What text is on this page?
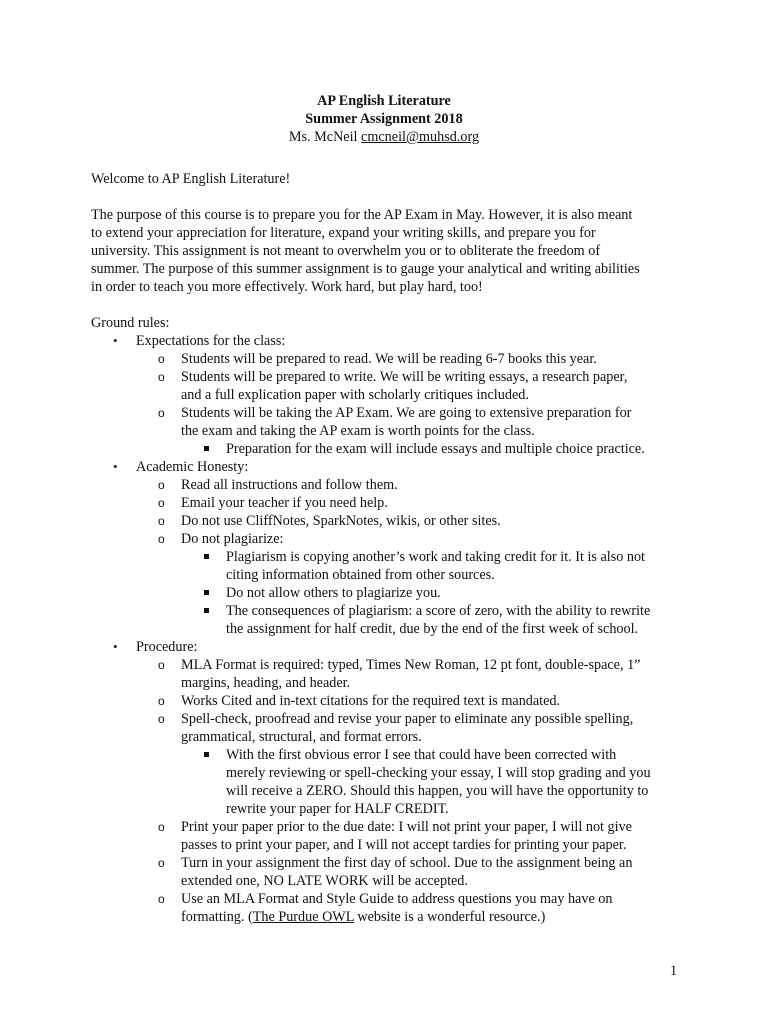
AP English Literature
Summer Assignment 2018
Ms. McNeil cmcneil@muhsd.org
Welcome to AP English Literature!
The purpose of this course is to prepare you for the AP Exam in May. However, it is also meant
to extend your appreciation for literature, expand your writing skills, and prepare you for
university. This assignment is not meant to overwhelm you or to obliterate the freedom of
summer. The purpose of this summer assignment is to gauge your analytical and writing abilities
in order to teach you more effectively. Work hard, but play hard, too!
Ground rules:
• Expectations for the class:
o Students will be prepared to read. We will be reading 6-7 books this year.
o Students will be prepared to write. We will be writing essays, a research paper,
and a full explication paper with scholarly critiques included.
o Students will be taking the AP Exam. We are going to extensive preparation for
the exam and taking the AP exam is worth points for the class.
Preparation for the exam will include essays and multiple choice practice.
• Academic Honesty:
o Read all instructions and follow them.
o Email your teacher if you need help.
o Do not use CliffNotes, SparkNotes, wikis, or other sites.
o Do not plagiarize:
Plagiarism is copying another’s work and taking credit for it. It is also not
citing information obtained from other sources.
Do not allow others to plagiarize you.
The consequences of plagiarism: a score of zero, with the ability to rewrite
the assignment for half credit, due by the end of the first week of school.
• Procedure:
o MLA Format is required: typed, Times New Roman, 12 pt font, double-space, 1”
margins, heading, and header.
o Works Cited and in-text citations for the required text is mandated.
o Spell-check, proofread and revise your paper to eliminate any possible spelling,
grammatical, structural, and format errors.
With the first obvious error I see that could have been corrected with
merely reviewing or spell-checking your essay, I will stop grading and you
will receive a ZERO. Should this happen, you will have the opportunity to
rewrite your paper for HALF CREDIT.
o Print your paper prior to the due date: I will not print your paper, I will not give
passes to print your paper, and I will not accept tardies for printing your paper.
o Turn in your assignment the first day of school. Due to the assignment being an
extended one, NO LATE WORK will be accepted.
o Use an MLA Format and Style Guide to address questions you may have on
formatting. (The Purdue OWL website is a wonderful resource.)
1
